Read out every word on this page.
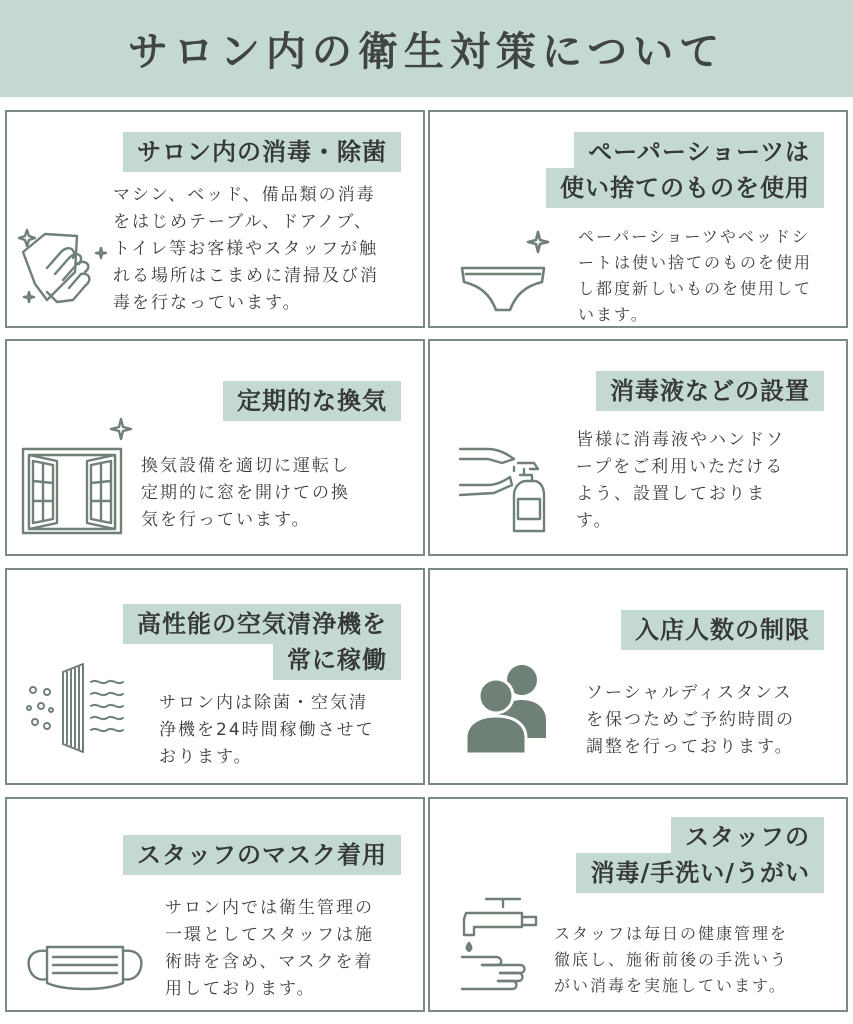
サロン内の衛生対策について
サロン内の消毒・除菌
マシン、ベッド、備品類の消毒
をはじめテーブル、ドアノブ、
トイレ等お客様やスタッフが触
れる場所はこまめに清掃及び消
毒を行なっています。
ペーパーショーツは
使い捨てのものを使用
ペーパーショーツやベッドシ
ートは使い捨てのものを使用
し都度新しいものを使用して
います。
定期的な換気
換気設備を適切に運転し
定期的に窓を開けての換
気を行っています。
消毒液などの設置
皆様に消毒液やハンドソ
ープをご利用いただける
よう、設置しておりま
す。
高性能の空気清浄機を
常に稼働
サロン内は除菌・空気清
浄機を24時間稼働させて
おります。
入店人数の制限
ソーシャルディスタンス
を保つためご予約時間の
調整を行っております。
スタッフのマスク着用
サロン内では衛生管理の
一環としてスタッフは施
術時を含め、マスクを着
用しております。
スタッフの
消毒/手洗い/うがい
スタッフは毎日の健康管理を
徹底し、施術前後の手洗いう
がい消毒を実施しています。
